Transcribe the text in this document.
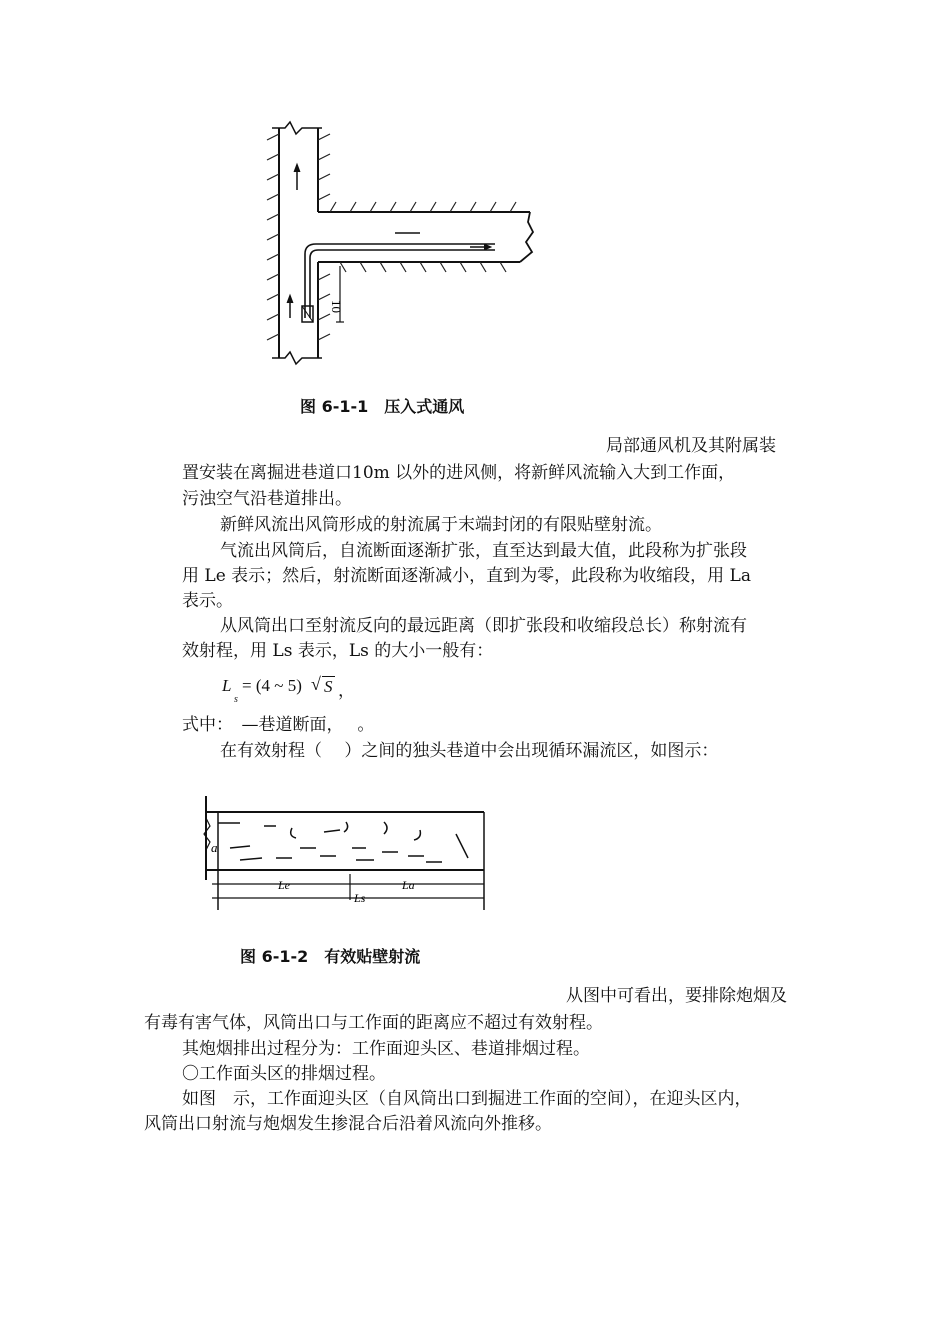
10
图 6-1-1　压入式通风
局部通风机及其附属装
置安装在离掘进巷道口10m 以外的进风侧，将新鲜风流输入大到工作面，
污浊空气沿巷道排出。
新鲜风流出风筒形成的射流属于末端封闭的有限贴壁射流。
气流出风筒后，自流断面逐渐扩张，直至达到最大值，此段称为扩张段
用 Le 表示；然后，射流断面逐渐减小，直到为零，此段称为收缩段，用 La
表示。
从风筒出口至射流反向的最远距离（即扩张段和收缩段总长）称射流有
效射程，用 Ls 表示，Ls 的大小一般有：
L
s
= (4 ~ 5) √ S ，
式中：　—巷道断面，　 。
在有效射程（　 ）之间的独头巷道中会出现循环漏流区，如图示：
a
Le	La
Ls
图 6-1-2　有效贴壁射流
从图中可看出，要排除炮烟及
有毒有害气体，风筒出口与工作面的距离应不超过有效射程。
其炮烟排出过程分为：工作面迎头区、巷道排烟过程。
〇工作面头区的排烟过程。
如图　示，工作面迎头区（自风筒出口到掘进工作面的空间），在迎头区内，
风筒出口射流与炮烟发生掺混合后沿着风流向外推移。
